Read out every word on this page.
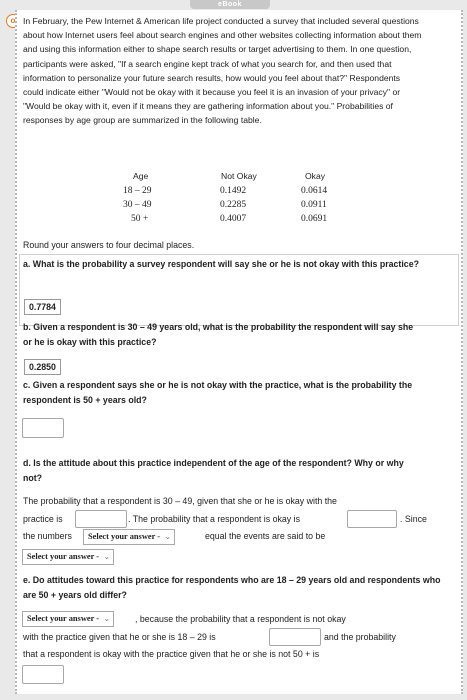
eBook
o In February, the Pew Internet & American life project conducted a survey that included several questions about how Internet users feel about search engines and other websites collecting information about them and using this information either to shape search results or target advertising to them. In one question, participants were asked, "If a search engine kept track of what you search for, and then used that information to personalize your future search results, how would you feel about that?" Respondents could indicate either "Would not be okay with it because you feel it is an invasion of your privacy" or "Would be okay with it, even if it means they are gathering information about you." Probabilities of responses by age group are summarized in the following table.
Age	Not Okay	Okay
18 – 29	0.1492	0.0614
30 – 49	0.2285	0.0911
50 +	0.4007	0.0691
Round your answers to four decimal places.
a. What is the probability a survey respondent will say she or he is not okay with this practice?
0.7784
b. Given a respondent is 30 – 49 years old, what is the probability the respondent will say she or he is okay with this practice?
0.2850
c. Given a respondent says she or he is not okay with the practice, what is the probability the respondent is 50 + years old?
d. Is the attitude about this practice independent of the age of the respondent? Why or why not?
The probability that a respondent is 30 – 49, given that she or he is okay with the
practice is	. The probability that a respondent is okay is	. Since
the numbers	Select your answer - ⌄	equal the events are said to be
Select your answer - ⌄
e. Do attitudes toward this practice for respondents who are 18 – 29 years old and respondents who are 50 + years old differ?
Select your answer - ⌄	, because the probability that a respondent is not okay
with the practice given that he or she is 18 – 29 is	and the probability
that a respondent is okay with the practice given that he or she is not 50 + is
